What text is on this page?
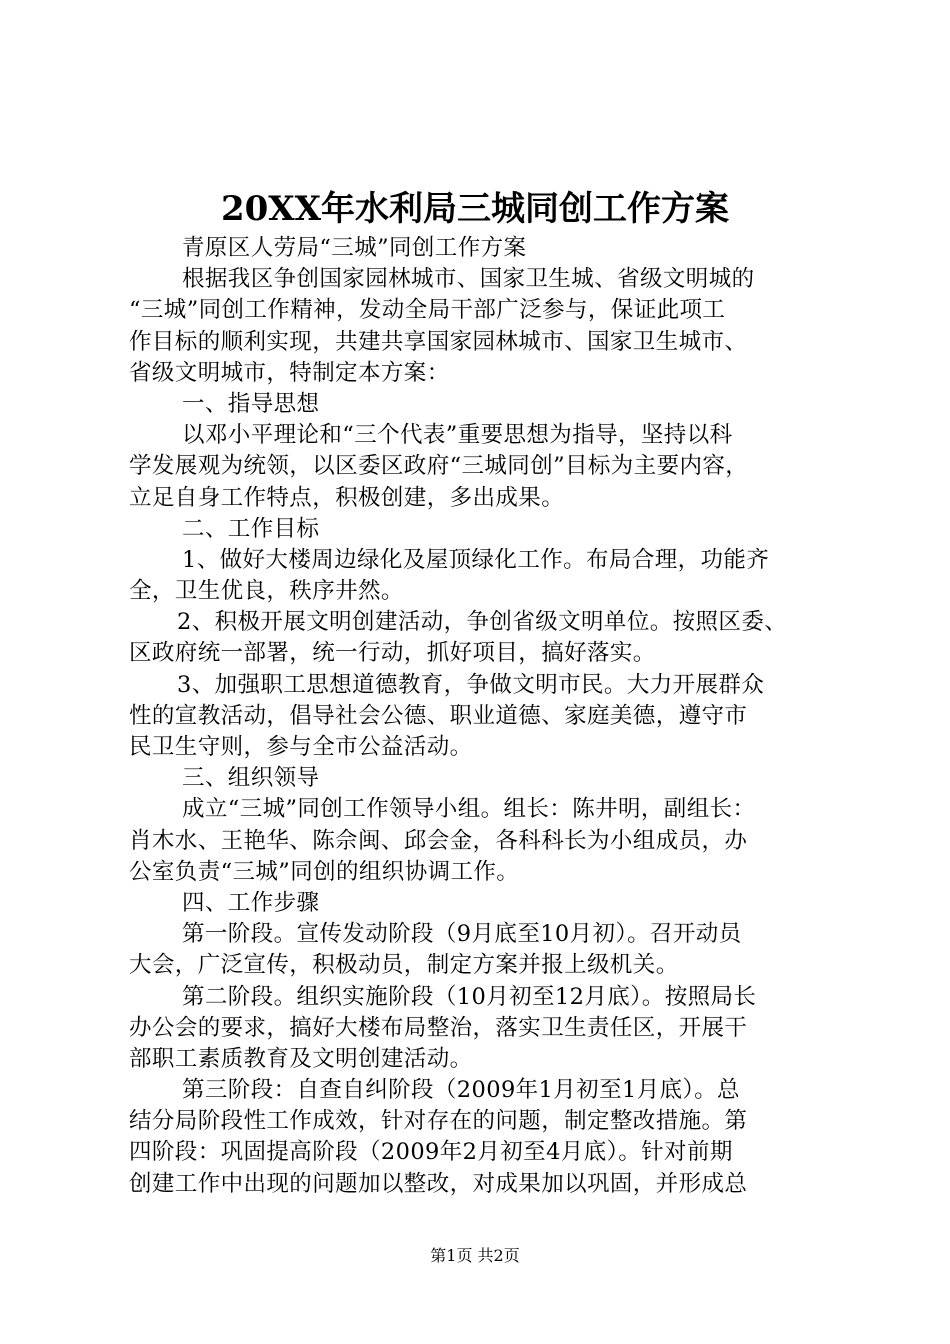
20XX年水利局三城同创工作方案
青原区人劳局“三城”同创工作方案
根据我区争创国家园林城市、国家卫生城、省级文明城的
“三城”同创工作精神，发动全局干部广泛参与，保证此项工
作目标的顺利实现，共建共享国家园林城市、国家卫生城市、
省级文明城市，特制定本方案：
一、指导思想
以邓小平理论和“三个代表”重要思想为指导，坚持以科
学发展观为统领，以区委区政府“三城同创”目标为主要内容，
立足自身工作特点，积极创建，多出成果。
二、工作目标
1、做好大楼周边绿化及屋顶绿化工作。布局合理，功能齐
全，卫生优良，秩序井然。
2、积极开展文明创建活动，争创省级文明单位。按照区委、
区政府统一部署，统一行动，抓好项目，搞好落实。
3、加强职工思想道德教育，争做文明市民。大力开展群众
性的宣教活动，倡导社会公德、职业道德、家庭美德，遵守市
民卫生守则，参与全市公益活动。
三、组织领导
成立“三城”同创工作领导小组。组长：陈井明，副组长：
肖木水、王艳华、陈佘闽、邱会金，各科科长为小组成员，办
公室负责“三城”同创的组织协调工作。
四、工作步骤
第一阶段。宣传发动阶段（9月底至10月初）。召开动员
大会，广泛宣传，积极动员，制定方案并报上级机关。
第二阶段。组织实施阶段（10月初至12月底）。按照局长
办公会的要求，搞好大楼布局整治，落实卫生责任区，开展干
部职工素质教育及文明创建活动。
第三阶段：自查自纠阶段（2009年1月初至1月底）。总
结分局阶段性工作成效，针对存在的问题，制定整改措施。第
四阶段：巩固提高阶段（2009年2月初至4月底）。针对前期
创建工作中出现的问题加以整改，对成果加以巩固，并形成总
第1页 共2页
